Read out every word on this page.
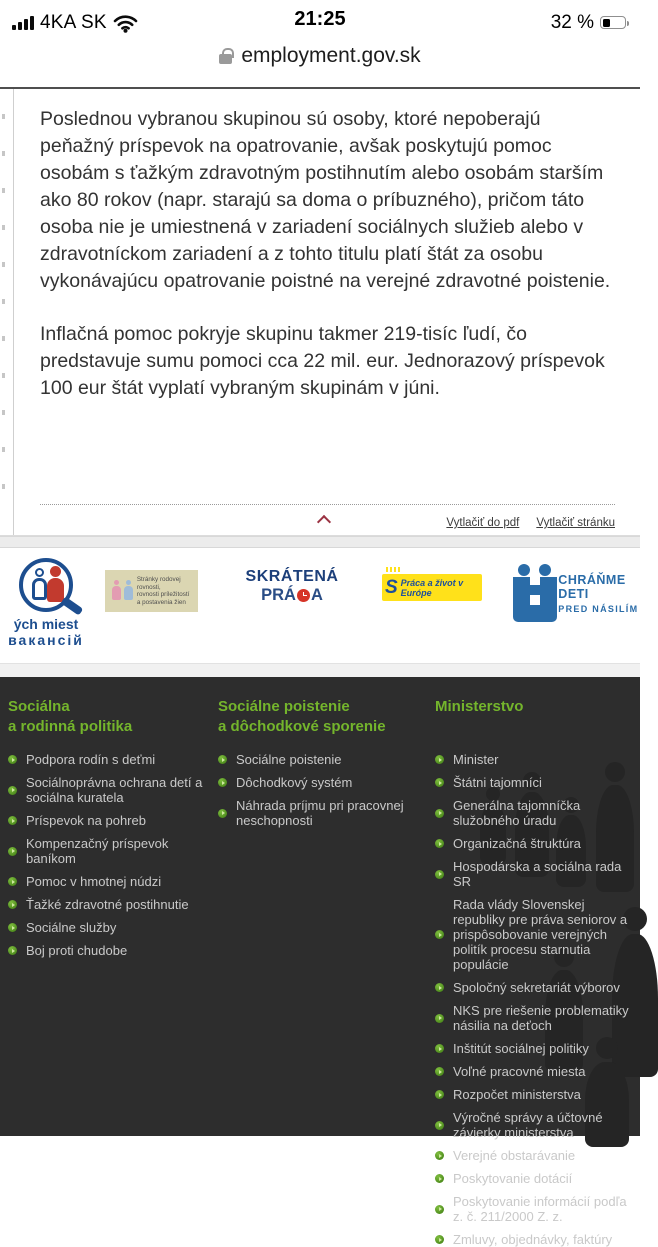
4KA SK	21:25	32 %
employment.gov.sk

Poslednou vybranou skupinou sú osoby, ktoré nepoberajú peňažný príspevok na opatrovanie, avšak poskytujú pomoc osobám s ťažkým zdravotným postihnutím alebo osobám starším ako 80 rokov (napr. starajú sa doma o príbuzného), pričom táto osoba nie je umiestnená v zariadení sociálnych služieb alebo v zdravotníckom zariadení a z tohto titulu platí štát za osobu vykonávajúcu opatrovanie poistné na verejné zdravotné poistenie.

Inflačná pomoc pokryje skupinu takmer 219-tisíc ľudí, čo predstavuje sumu pomoci cca 22 mil. eur. Jednorazový príspevok 100 eur štát vyplatí vybraným skupinám v júni.

Vytlačiť do pdf Vytlačiť stránku
ých miest
вакансій
Stránky rodovej rovnosti,
rovnosti príležitostí
a postavenia žien
SKRÁTENÁ
PRÁ A	S Práca a život v Európe
CHRÁŇME DETI
PRED NÁSILÍM
Sociálna
a rodinná politika
Podpora rodín s deťmi
Sociálnoprávna ochrana detí a sociálna kuratela
Príspevok na pohreb
Kompenzačný príspevok baníkom
Pomoc v hmotnej núdzi
Ťažké zdravotné postihnutie
Sociálne služby
Boj proti chudobe
Sociálne poistenie
a dôchodkové sporenie
Sociálne poistenie
Dôchodkový systém
Náhrada príjmu pri pracovnej neschopnosti
Ministerstvo
Minister
Štátni tajomníci
Generálna tajomníčka služobného úradu
Organizačná štruktúra
Hospodárska a sociálna rada SR
Rada vlády Slovenskej republiky pre práva seniorov a prispôsobovanie verejných politík procesu starnutia populácie
Spoločný sekretariát výborov
NKS pre riešenie problematiky násilia na deťoch
Inštitút sociálnej politiky
Voľné pracovné miesta
Rozpočet ministerstva
Výročné správy a účtovné závierky ministerstva
Verejné obstarávanie
Poskytovanie dotácií
Poskytovanie informácií podľa z. č. 211/2000 Z. z.
Zmluvy, objednávky, faktúry
